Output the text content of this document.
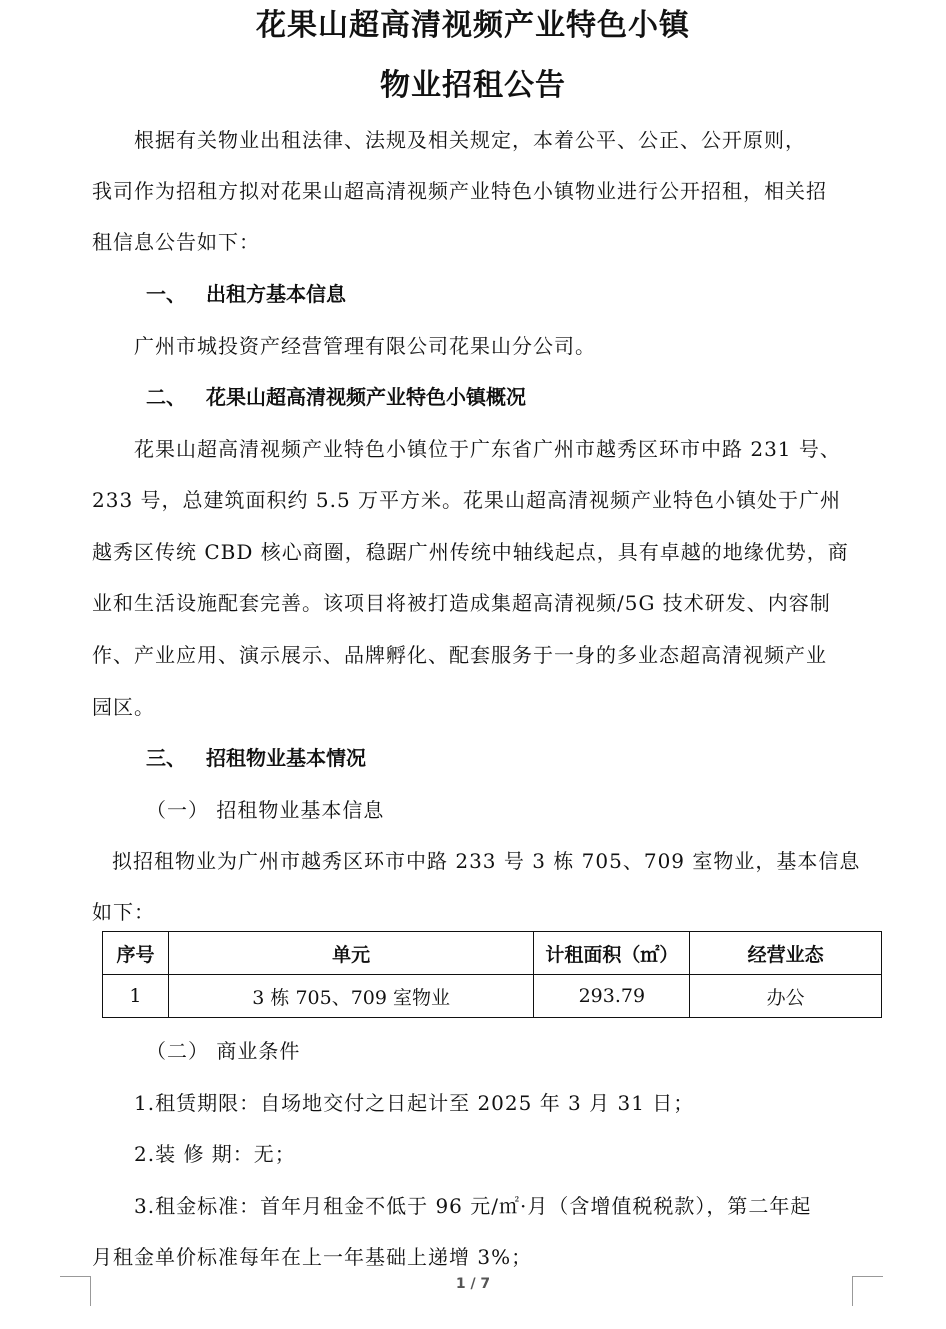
花果山超高清视频产业特色小镇
物业招租公告
根据有关物业出租法律、法规及相关规定，本着公平、公正、公开原则，
我司作为招租方拟对花果山超高清视频产业特色小镇物业进行公开招租，相关招
租信息公告如下：
一、 出租方基本信息
广州市城投资产经营管理有限公司花果山分公司。
二、 花果山超高清视频产业特色小镇概况
花果山超高清视频产业特色小镇位于广东省广州市越秀区环市中路 231 号、
233 号，总建筑面积约 5.5 万平方米。花果山超高清视频产业特色小镇处于广州
越秀区传统 CBD 核心商圈，稳踞广州传统中轴线起点，具有卓越的地缘优势，商
业和生活设施配套完善。该项目将被打造成集超高清视频/5G 技术研发、内容制
作、产业应用、演示展示、品牌孵化、配套服务于一身的多业态超高清视频产业
园区。
三、 招租物业基本情况
（一） 招租物业基本信息
拟招租物业为广州市越秀区环市中路 233 号 3 栋 705、709 室物业，基本信息
如下：
序号	单元	计租面积（㎡）	经营业态
1	3 栋 705、709 室物业	293.79	办公
（二） 商业条件
1.租赁期限：自场地交付之日起计至 2025 年 3 月 31 日；
2.装 修 期：无；
3.租金标准：首年月租金不低于 96 元/㎡·月（含增值税税款），第二年起
月租金单价标准每年在上一年基础上递增 3%；
1 / 7
